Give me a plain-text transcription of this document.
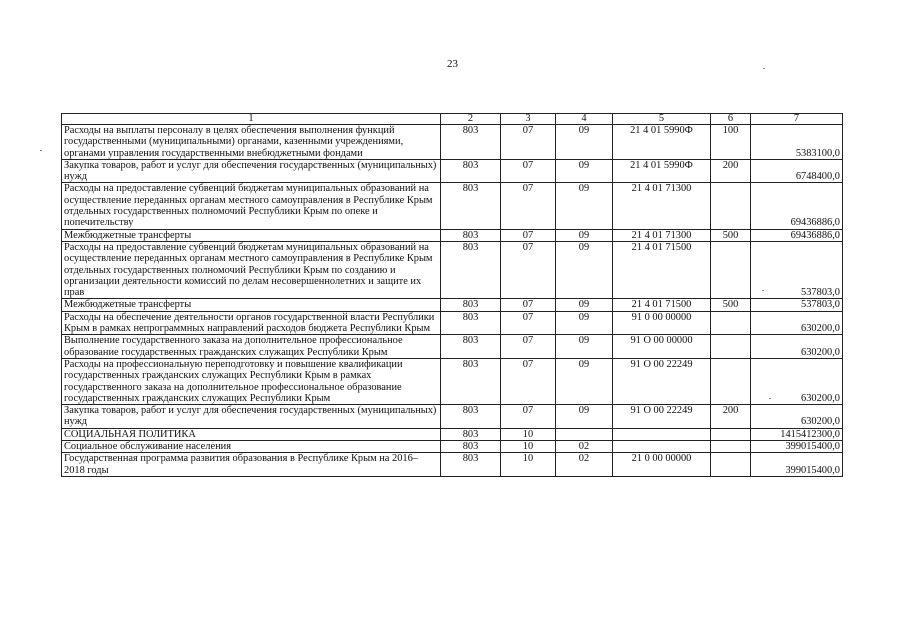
23
1	2	3	4	5	6	7
Расходы на выплаты персоналу в целях обеспечения выполнения функций государственными (муниципальными) органами, казенными учреждениями, органами управления государственными внебюджетными фондами	803	07	09	21 4 01 5990Ф	100	5383100,0
Закупка товаров, работ и услуг для обеспечения государственных (муниципальных) нужд	803	07	09	21 4 01 5990Ф	200	6748400,0
Расходы на предоставление субвенций бюджетам муниципальных образований на осуществление переданных органам местного самоуправления в Республике Крым отдельных государственных полномочий Республики Крым по опеке и попечительству	803	07	09	21 4 01 71300		69436886,0
Межбюджетные трансферты	803	07	09	21 4 01 71300	500	69436886,0
Расходы на предоставление субвенций бюджетам муниципальных образований на осуществление переданных органам местного самоуправления в Республике Крым отдельных государственных полномочий Республики Крым по созданию и организации деятельности комиссий по делам несовершеннолетних и защите их прав	803	07	09	21 4 01 71500		537803,0
Межбюджетные трансферты	803	07	09	21 4 01 71500	500	537803,0
Расходы на обеспечение деятельности органов государственной власти Республики Крым в рамках непрограммных направлений расходов бюджета Республики Крым	803	07	09	91 0 00 00000		630200,0
Выполнение государственного заказа на дополнительное профессиональное образование государственных гражданских служащих Республики Крым	803	07	09	91 О 00 00000		630200,0
Расходы на профессиональную переподготовку и повышение квалификации государственных гражданских служащих Республики Крым в рамках государственного заказа на дополнительное профессиональное образование государственных гражданских служащих Республики Крым	803	07	09	91 О 00 22249		630200,0
Закупка товаров, работ и услуг для обеспечения государственных (муниципальных) нужд	803	07	09	91 О 00 22249	200	630200,0
СОЦИАЛЬНАЯ ПОЛИТИКА	803	10				1415412300,0
Социальное обслуживание населения	803	10	02			399015400,0
Государственная программа развития образования в Республике Крым на 2016–2018 годы	803	10	02	21 0 00 00000		399015400,0
